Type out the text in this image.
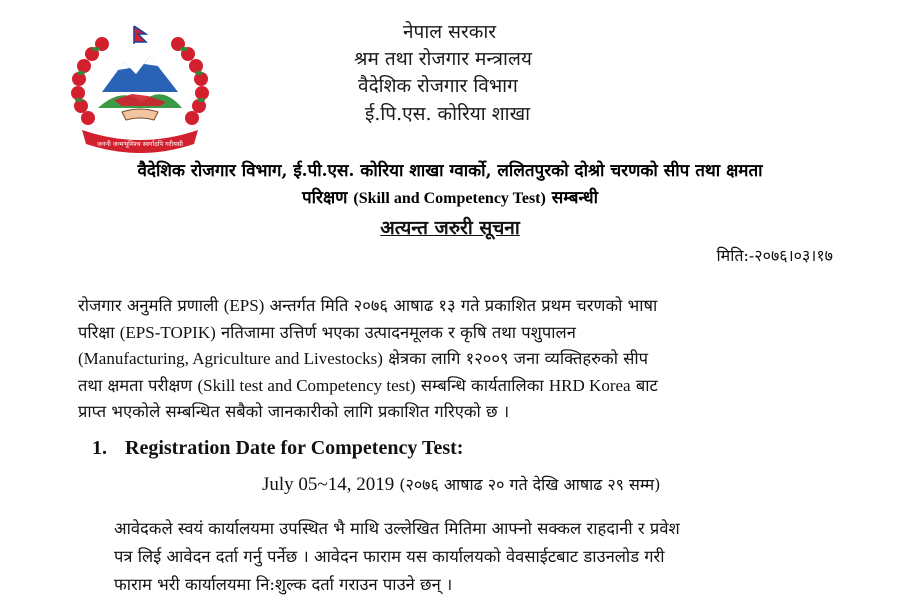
जननी जन्मभूमिश्च स्वर्गादपि गरीयसी
नेपाल सरकार
श्रम तथा रोजगार मन्त्रालय
वैदेशिक रोजगार विभाग
ई.पि.एस. कोरिया शाखा
वैदेशिक रोजगार विभाग, ई.पी.एस. कोरिया शाखा ग्वार्को, ललितपुरको दोश्रो चरणको सीप तथा क्षमता
परिक्षण (Skill and Competency Test) सम्बन्धी
अत्यन्त जरुरी सूचना
मिति:-२०७६।०३।१७
रोजगार अनुमति प्रणाली (EPS) अन्तर्गत मिति २०७६ आषाढ १३ गते प्रकाशित प्रथम चरणको भाषा
परिक्षा (EPS-TOPIK) नतिजामा उत्तिर्ण भएका उत्पादनमूलक र कृषि तथा पशुपालन
(Manufacturing, Agriculture and Livestocks) क्षेत्रका लागि १२००९ जना व्यक्तिहरुको सीप
तथा क्षमता परीक्षण (Skill test and Competency test) सम्बन्धि कार्यतालिका HRD Korea बाट
प्राप्त भएकोले सम्बन्धित सबैको जानकारीको लागि प्रकाशित गरिएको छ ।
1. Registration Date for Competency Test:
July 05~14, 2019 (२०७६ आषाढ २० गते देखि आषाढ २९ सम्म)
आवेदकले स्वयं कार्यालयमा उपस्थित भै माथि उल्लेखित मितिमा आफ्नो सक्कल राहदानी र प्रवेश
पत्र लिई आवेदन दर्ता गर्नु पर्नेछ । आवेदन फाराम यस कार्यालयको वेवसाईटबाट डाउनलोड गरी
फाराम भरी कार्यालयमा नि:शुल्क दर्ता गराउन पाउने छन् ।
